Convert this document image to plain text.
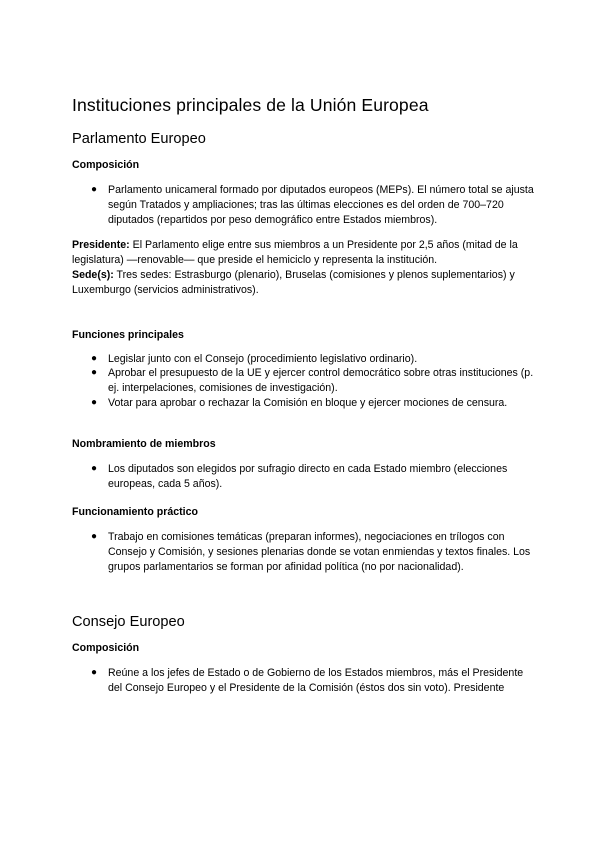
Instituciones principales de la Unión Europea
Parlamento Europeo
Composición
● Parlamento unicameral formado por diputados europeos (MEPs). El número total se ajusta según Tratados y ampliaciones; tras las últimas elecciones es del orden de 700–720 diputados (repartidos por peso demográfico entre Estados miembros).

Presidente: El Parlamento elige entre sus miembros a un Presidente por 2,5 años (mitad de la legislatura) —renovable— que preside el hemiciclo y representa la institución.

Sede(s): Tres sedes: Estrasburgo (plenario), Bruselas (comisiones y plenos suplementarios) y Luxemburgo (servicios administrativos).

Funciones principales
● Legislar junto con el Consejo (procedimiento legislativo ordinario).
● Aprobar el presupuesto de la UE y ejercer control democrático sobre otras instituciones (p. ej. interpelaciones, comisiones de investigación).
● Votar para aprobar o rechazar la Comisión en bloque y ejercer mociones de censura.
Nombramiento de miembros
● Los diputados son elegidos por sufragio directo en cada Estado miembro (elecciones europeas, cada 5 años).
Funcionamiento práctico
● Trabajo en comisiones temáticas (preparan informes), negociaciones en trílogos con Consejo y Comisión, y sesiones plenarias donde se votan enmiendas y textos finales. Los grupos parlamentarios se forman por afinidad política (no por nacionalidad).
Consejo Europeo
Composición
● Reúne a los jefes de Estado o de Gobierno de los Estados miembros, más el Presidente del Consejo Europeo y el Presidente de la Comisión (éstos dos sin voto). Presidente
